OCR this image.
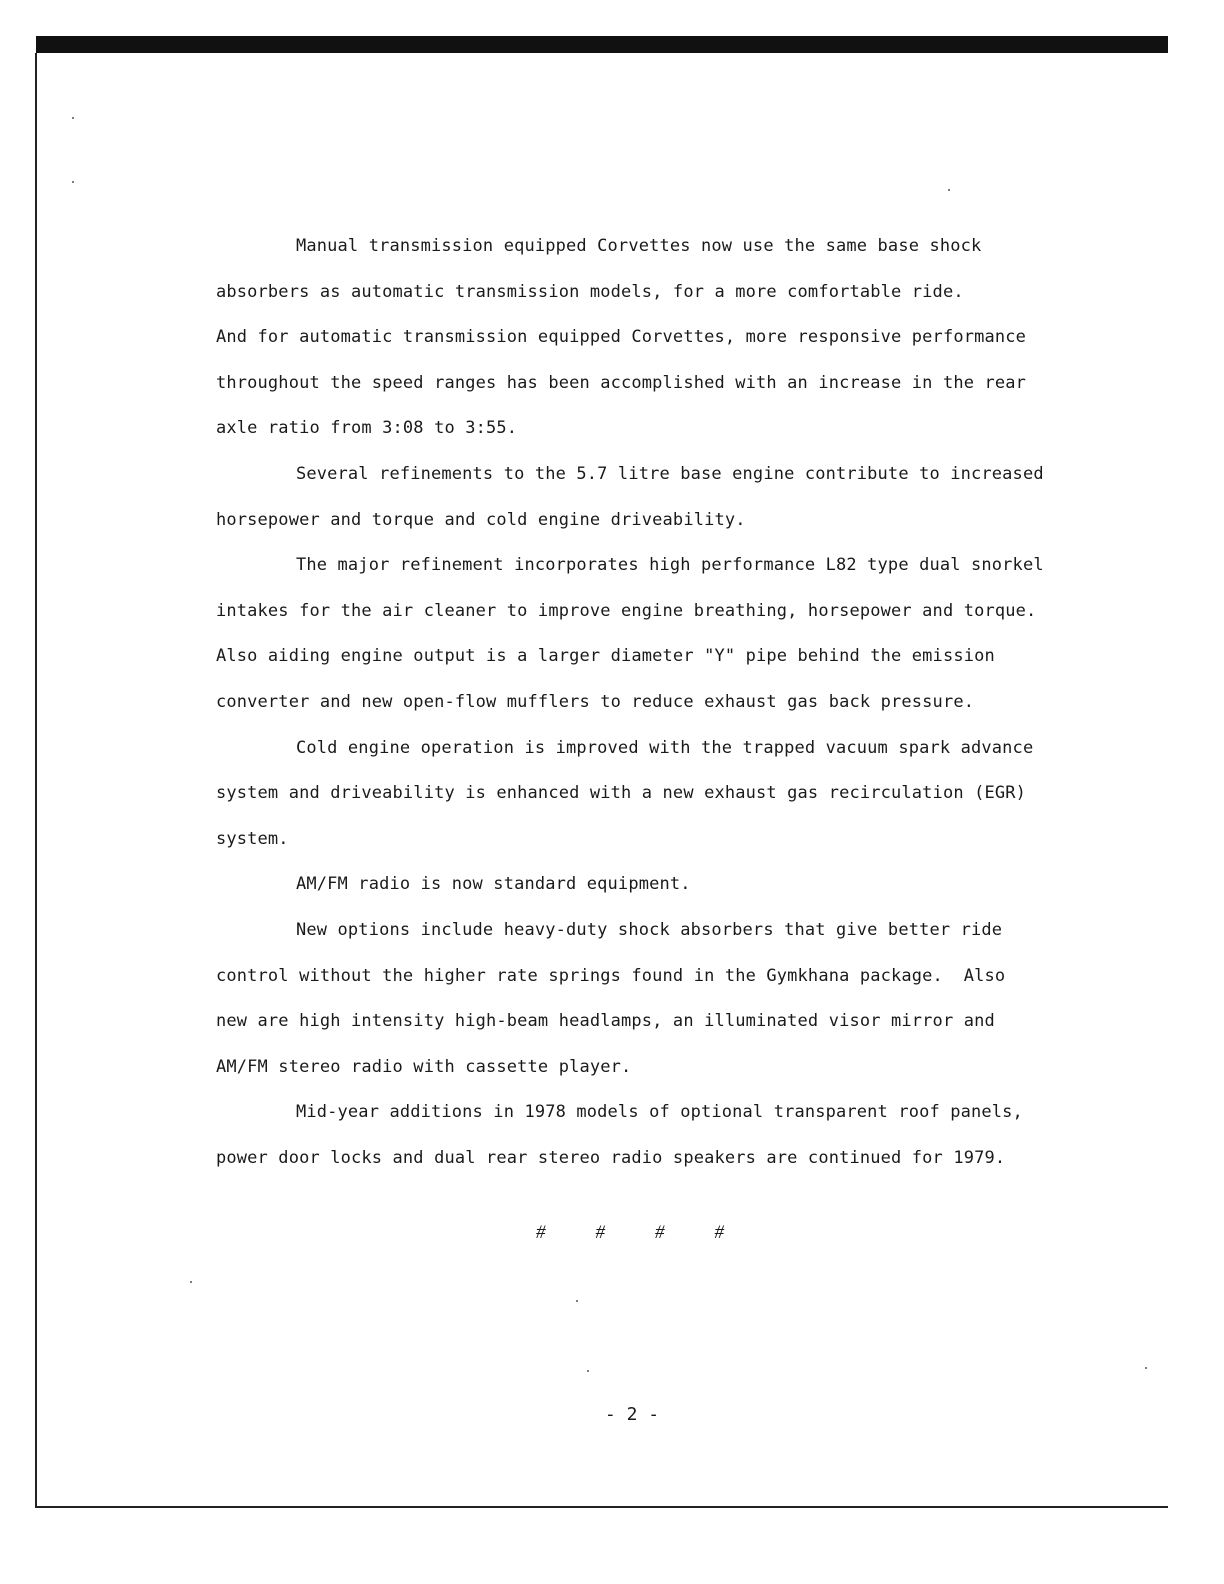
Manual transmission equipped Corvettes now use the same base shock
absorbers as automatic transmission models, for a more comfortable ride.
And for automatic transmission equipped Corvettes, more responsive performance
throughout the speed ranges has been accomplished with an increase in the rear
axle ratio from 3:08 to 3:55.
Several refinements to the 5.7 litre base engine contribute to increased
horsepower and torque and cold engine driveability.
The major refinement incorporates high performance L82 type dual snorkel
intakes for the air cleaner to improve engine breathing, horsepower and torque.
Also aiding engine output is a larger diameter "Y" pipe behind the emission
converter and new open-flow mufflers to reduce exhaust gas back pressure.
Cold engine operation is improved with the trapped vacuum spark advance
system and driveability is enhanced with a new exhaust gas recirculation (EGR)
system.
AM/FM radio is now standard equipment.
New options include heavy-duty shock absorbers that give better ride
control without the higher rate springs found in the Gymkhana package.  Also
new are high intensity high-beam headlamps, an illuminated visor mirror and
AM/FM stereo radio with cassette player.
Mid-year additions in 1978 models of optional transparent roof panels,
power door locks and dual rear stereo radio speakers are continued for 1979.
#	#	#	#
- 2 -
